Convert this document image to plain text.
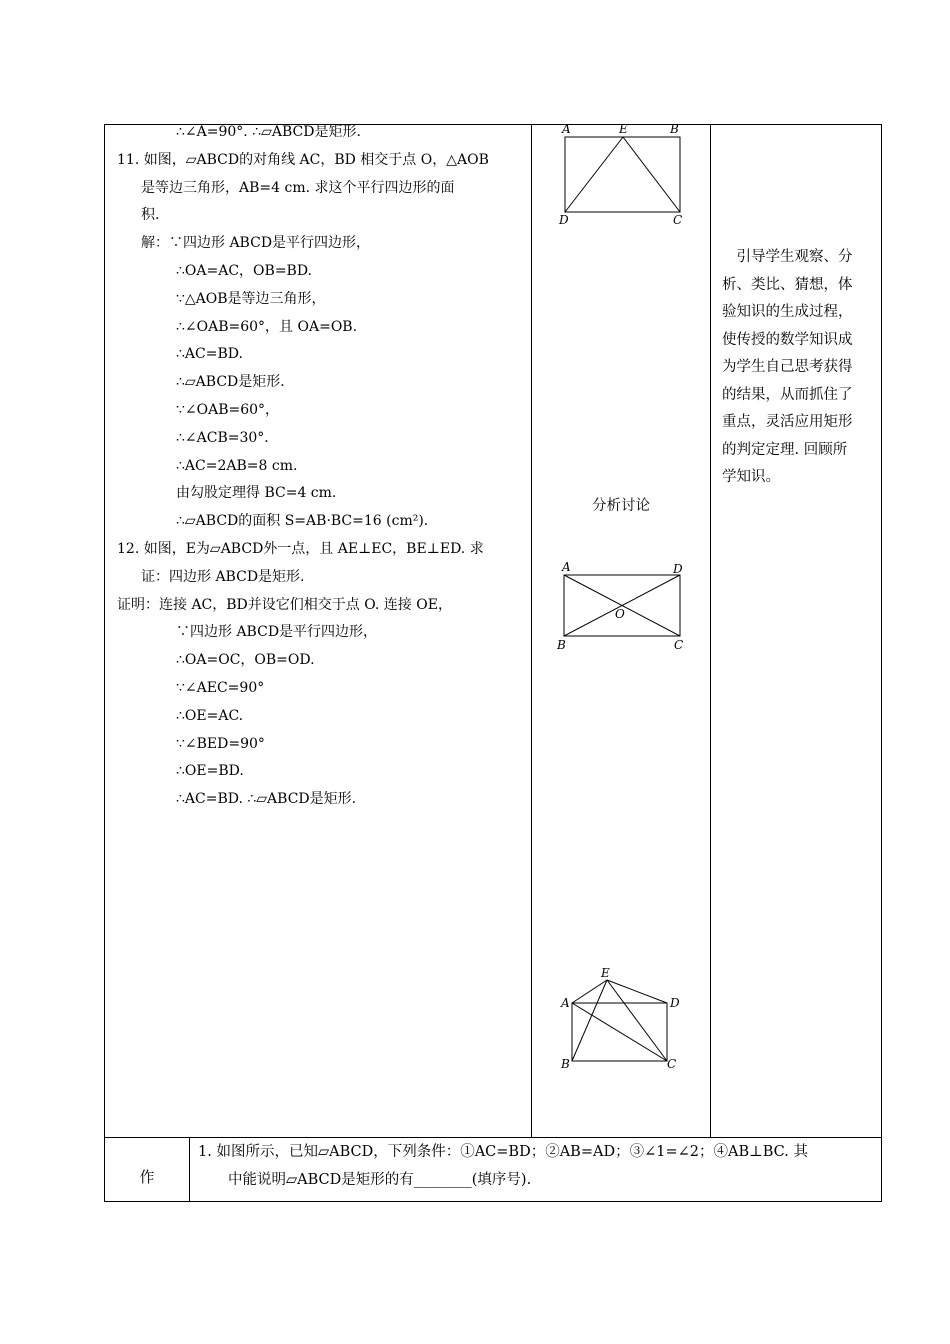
∴∠A=90°. ∴▱ABCD是矩形.
11. 如图，▱ABCD的对角线 AC，BD 相交于点 O，△AOB
是等边三角形，AB=4 cm. 求这个平行四边形的面
积.
解：∵四边形 ABCD是平行四边形，
∴OA=AC，OB=BD.
∵△AOB是等边三角形，
∴∠OAB=60°，且 OA=OB.
∴AC=BD.
∴▱ABCD是矩形.
∵∠OAB=60°，
∴∠ACB=30°.
∴AC=2AB=8 cm.
由勾股定理得 BC=4 cm.
∴▱ABCD的面积 S=AB·BC=16 (cm²).
12. 如图，E为▱ABCD外一点，且 AE⊥EC，BE⊥ED. 求
证：四边形 ABCD是矩形.
证明：连接 AC，BD并设它们相交于点 O. 连接 OE，
∵四边形 ABCD是平行四边形，
∴OA=OC，OB=OD.
∵∠AEC=90°
∴OE=AC.
∵∠BED=90°
∴OE=BD.
∴AC=BD. ∴▱ABCD是矩形.
A	E	B
D	C
A	D
O
B	C
E
A	D
B	C
分析讨论
　引导学生观察、分
析、类比、猜想，体
验知识的生成过程，
使传授的数学知识成
为学生自己思考获得
的结果，从而抓住了
重点，灵活应用矩形
的判定定理. 回顾所
学知识。
作
1. 如图所示，已知▱ABCD，下列条件：①AC=BD；②AB=AD；③∠1=∠2；④AB⊥BC. 其
中能说明▱ABCD是矩形的有________(填序号).
